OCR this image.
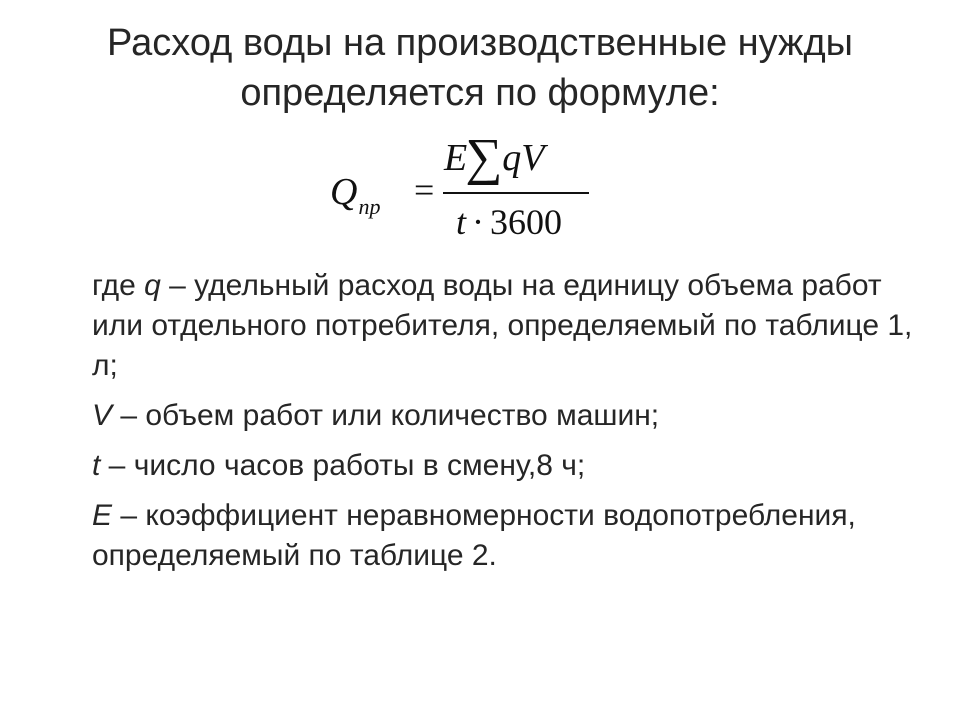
Расход воды на производственные нужды
определяется по формуле:
$Q_{пр}$ =
E∑qV
t · 3600
где q – удельный расход воды на единицу объема работ или отдельного потребителя, определяемый по таблице 1, л;
V – объем работ или количество машин;
t – число часов работы в смену,8 ч;
E – коэффициент неравномерности водопотребления, определяемый по таблице 2.
